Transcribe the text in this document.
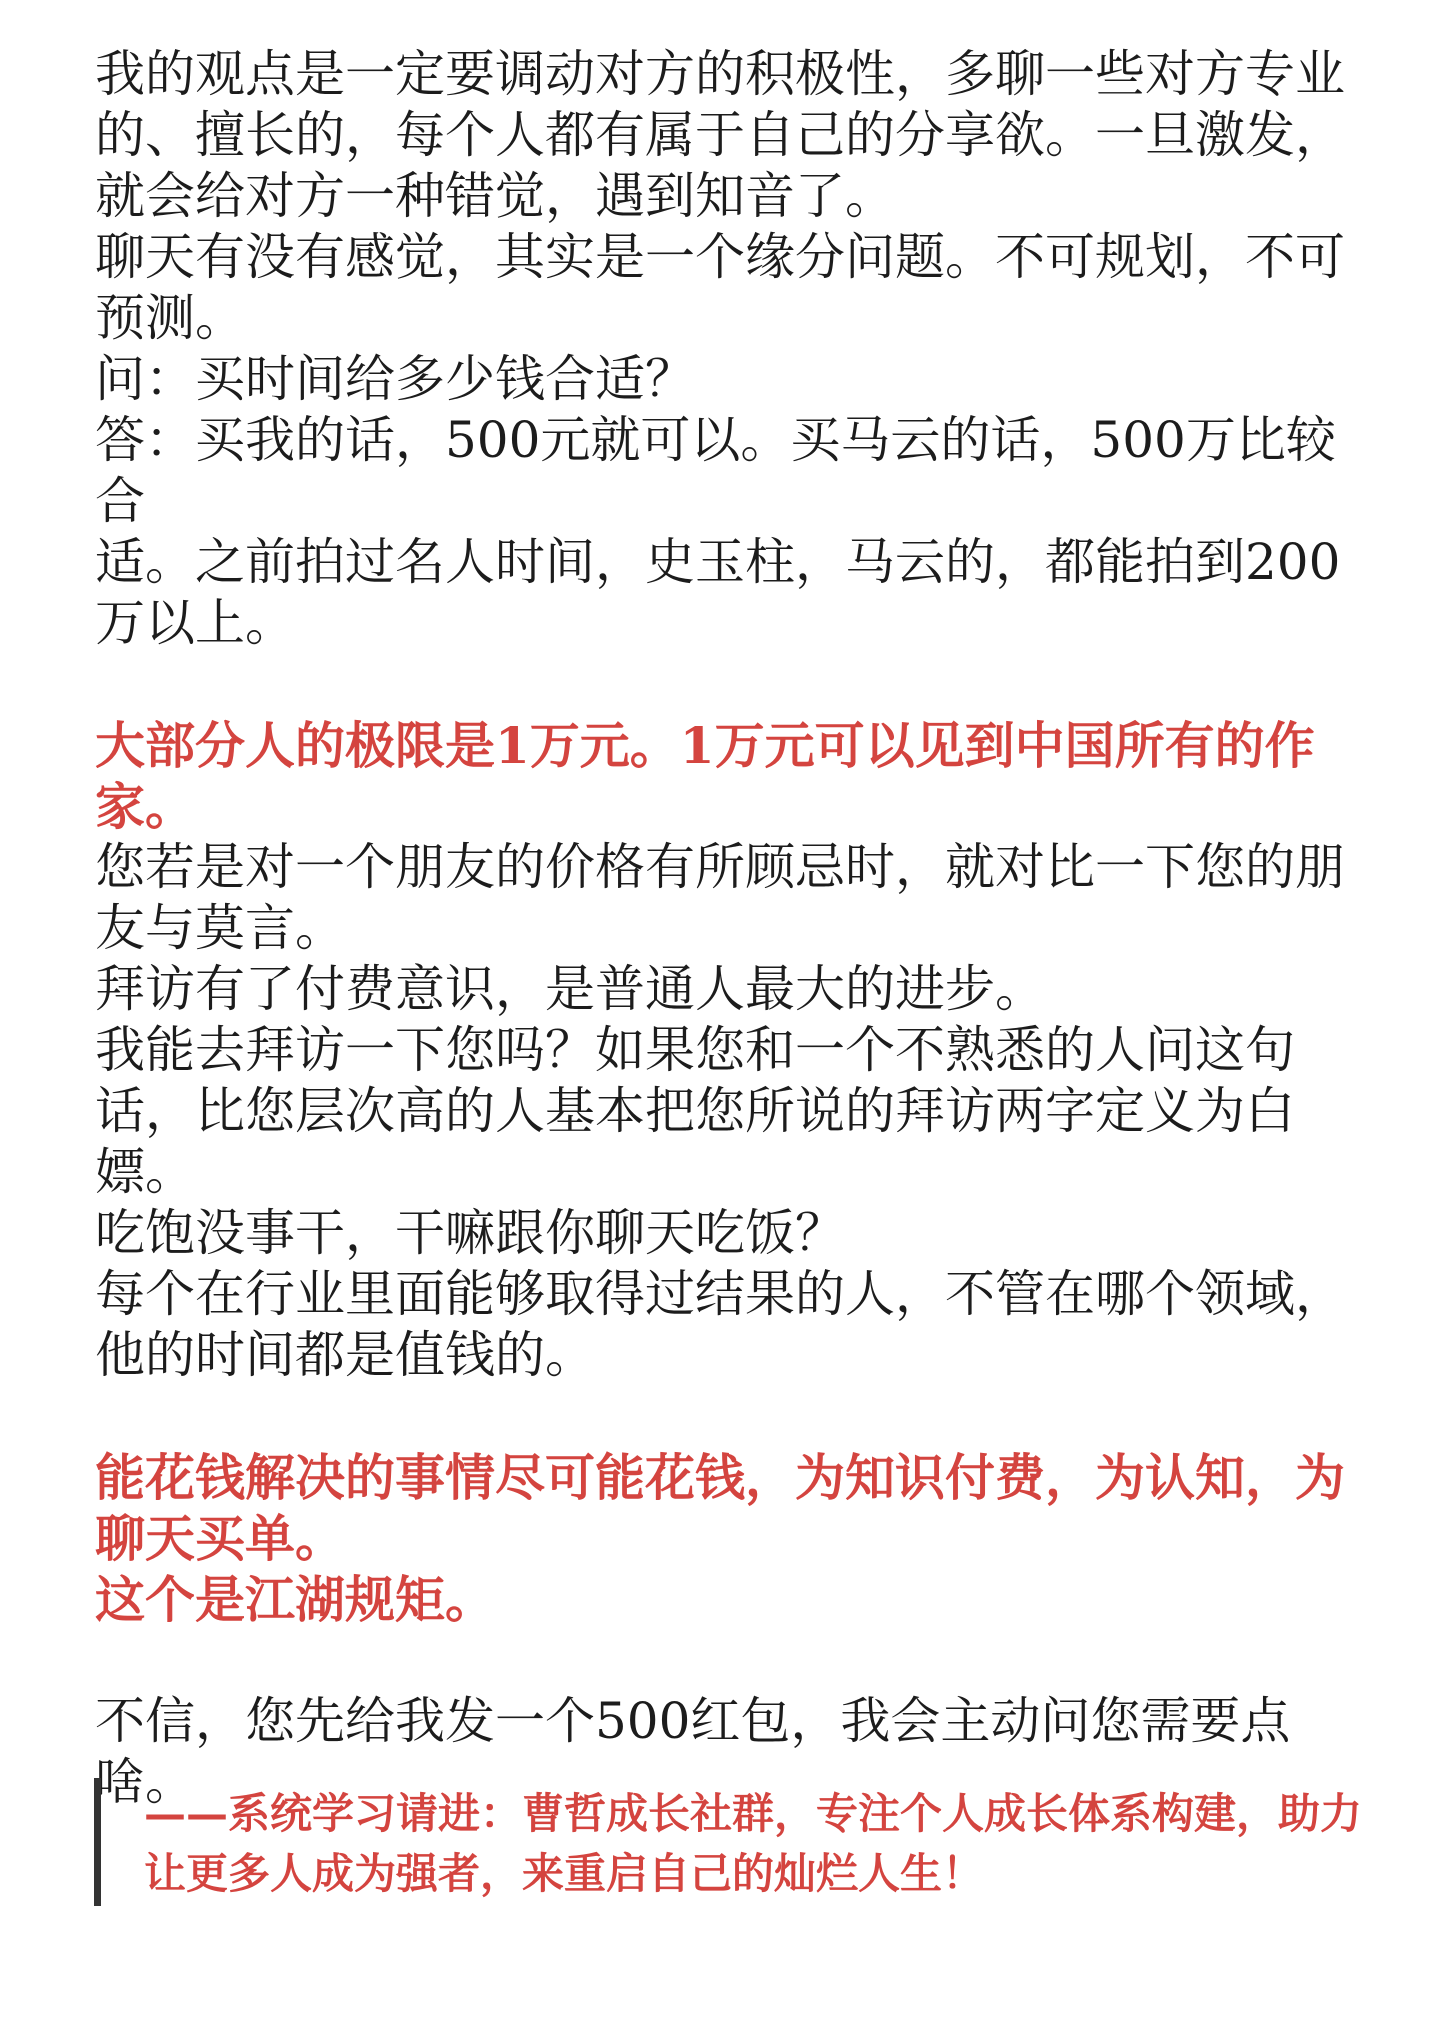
我的观点是一定要调动对方的积极性，多聊一些对方专业
的、擅长的，每个人都有属于自己的分享欲。一旦激发，
就会给对方一种错觉，遇到知音了。
聊天有没有感觉，其实是一个缘分问题。不可规划，不可
预测。
问：买时间给多少钱合适？
答：买我的话，500元就可以。买马云的话，500万比较合
适。之前拍过名人时间，史玉柱，马云的，都能拍到200
万以上。

大部分人的极限是1万元。1万元可以见到中国所有的作
家。

您若是对一个朋友的价格有所顾忌时，就对比一下您的朋
友与莫言。
拜访有了付费意识，是普通人最大的进步。
我能去拜访一下您吗？如果您和一个不熟悉的人问这句
话，比您层次高的人基本把您所说的拜访两字定义为白
嫖。
吃饱没事干，干嘛跟你聊天吃饭？
每个在行业里面能够取得过结果的人，不管在哪个领域，
他的时间都是值钱的。

能花钱解决的事情尽可能花钱，为知识付费，为认知，为
聊天买单。
这个是江湖规矩。

不信，您先给我发一个500红包，我会主动问您需要点
啥。

——系统学习请进：曹哲成长社群，专注个人成长体系构建，助力
让更多人成为强者，来重启自己的灿烂人生！
